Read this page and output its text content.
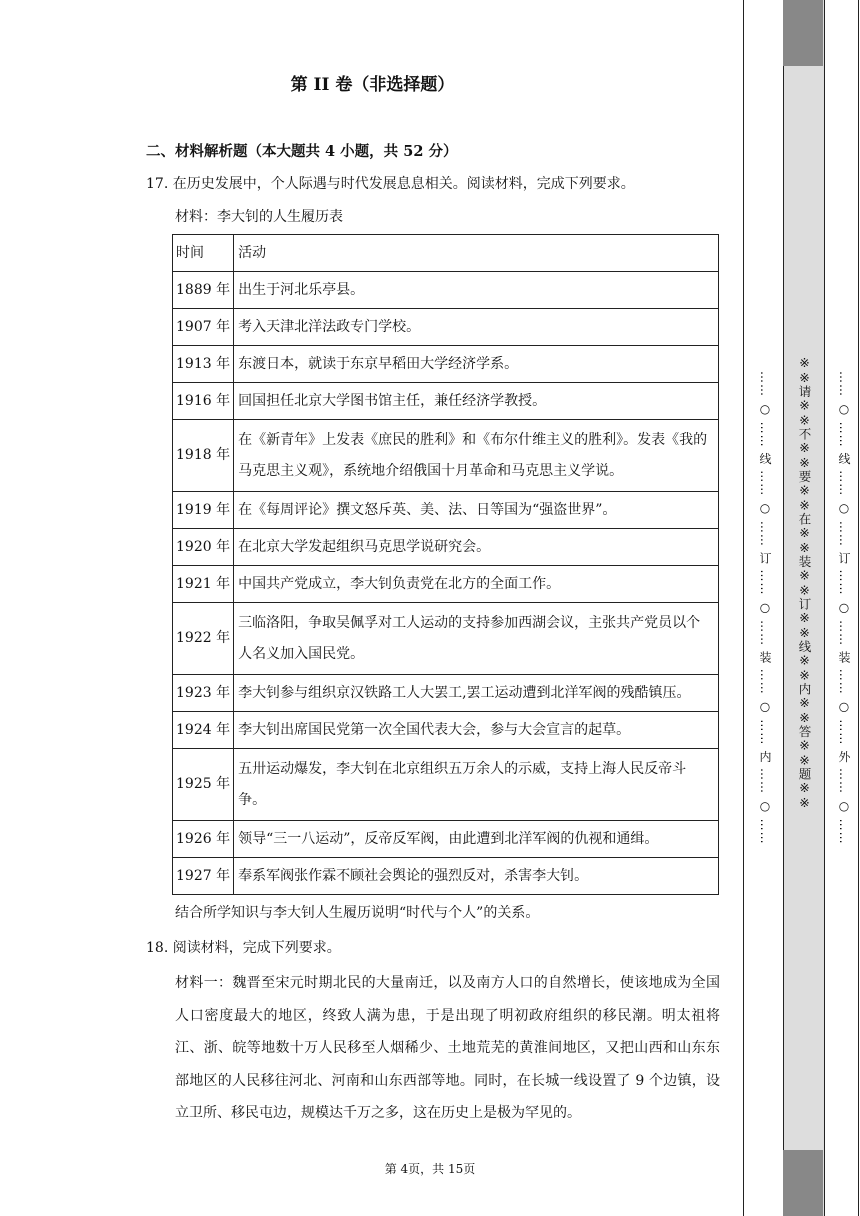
第 II 卷（非选择题）
二、材料解析题（本大题共 4 小题，共 52 分）
17. 在历史发展中，个人际遇与时代发展息息相关。阅读材料，完成下列要求。
材料：李大钊的人生履历表
时间	活动
1889 年	出生于河北乐亭县。
1907 年	考入天津北洋法政专门学校。
1913 年	东渡日本，就读于东京早稻田大学经济学系。
1916 年	回国担任北京大学图书馆主任，兼任经济学教授。
1918 年	在《新青年》上发表《庶民的胜利》和《布尔什维主义的胜利》。发表《我的马克思主义观》，系统地介绍俄国十月革命和马克思主义学说。
1919 年	在《每周评论》撰文怒斥英、美、法、日等国为“强盗世界”。
1920 年	在北京大学发起组织马克思学说研究会。
1921 年	中国共产党成立，李大钊负责党在北方的全面工作。
1922 年	三临洛阳，争取吴佩孚对工人运动的支持参加西湖会议，主张共产党员以个人名义加入国民党。
1923 年	李大钊参与组织京汉铁路工人大罢工,罢工运动遭到北洋军阀的残酷镇压。
1924 年	李大钊出席国民党第一次全国代表大会，参与大会宣言的起草。
1925 年	五卅运动爆发，李大钊在北京组织五万余人的示威，支持上海人民反帝斗争。
1926 年	领导“三一八运动”，反帝反军阀，由此遭到北洋军阀的仇视和通缉。
1927 年	奉系军阀张作霖不顾社会舆论的强烈反对，杀害李大钊。
结合所学知识与李大钊人生履历说明“时代与个人”的关系。
18. 阅读材料，完成下列要求。
材料一：魏晋至宋元时期北民的大量南迁，以及南方人口的自然增长，使该地成为全国人口密度最大的地区，终致人满为患，于是出现了明初政府组织的移民潮。明太祖将江、浙、皖等地数十万人民移至人烟稀少、土地荒芜的黄淮间地区，又把山西和山东东部地区的人民移往河北、河南和山东西部等地。同时，在长城一线设置了 9 个边镇，设立卫所、移民屯边，规模达千万之多，这在历史上是极为罕见的。
第 4页，共 15页
…… ○ …… 线 …… ○ …… 订 …… ○ …… 装 …… ○ …… 内 …… ○ ……	…… ○ …… 线 …… ○ …… 订 …… ○ …… 装 …… ○ …… 外 …… ○ ……
※※请※※不※※要※※在※※装※※订※※线※※内※※答※※题※※
